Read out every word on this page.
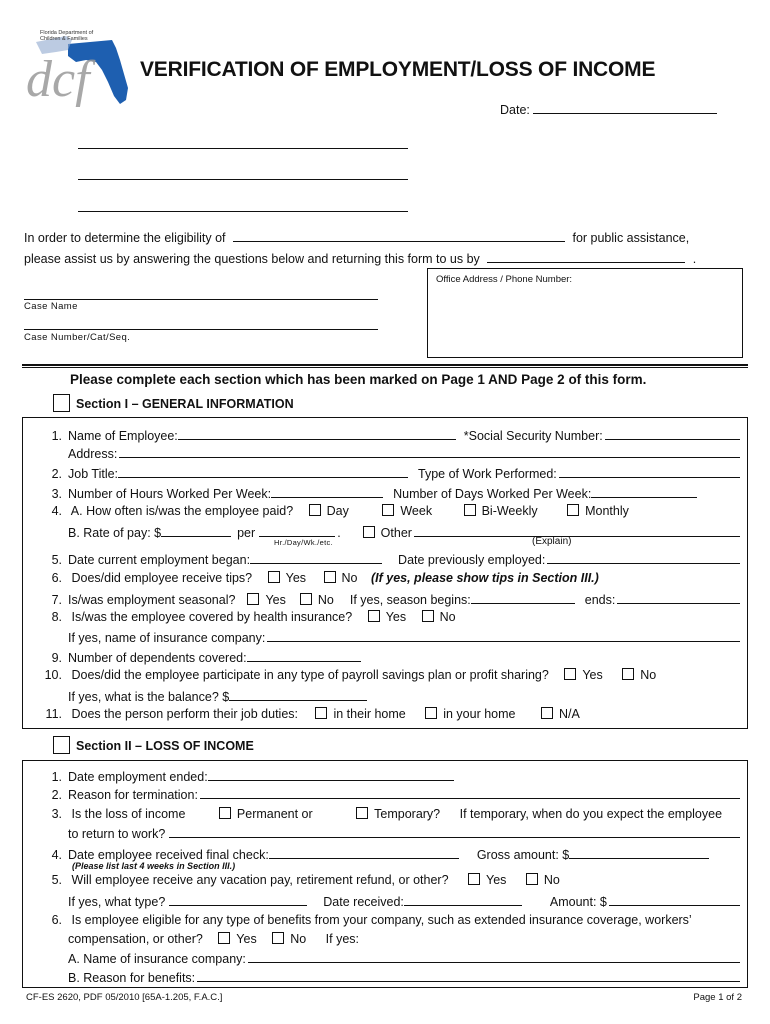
dcf
Florida Department of
Children & Families
VERIFICATION OF EMPLOYMENT/LOSS OF INCOME
Date:
In order to determine the eligibility of	for public assistance,
please assist us by answering the questions below and returning this form to us by	.
Office Address / Phone Number:
Case Name
Case Number/Cat/Seq.
Please complete each section which has been marked on Page 1 AND Page 2 of this form.
Section I – GENERAL INFORMATION
1. Name of Employee:	*Social Security Number:
Address:
2. Job Title:	Type of Work Performed:
3. Number of Hours Worked Per Week:	Number of Days Worked Per Week:
4. A. How often is/was the employee paid?	Day	Week	Bi-Weekly	Monthly
B. Rate of pay: $	per	.	Other
Hr./Day/Wk./etc.	(Explain)
5. Date current employment began:	Date previously employed:
6. Does/did employee receive tips?	Yes	No (If yes, please show tips in Section III.)
7. Is/was employment seasonal?	Yes	No If yes, season begins:	ends:
8. Is/was the employee covered by health insurance?	Yes	No
If yes, name of insurance company:
9. Number of dependents covered:
10. Does/did the employee participate in any type of payroll savings plan or profit sharing?	Yes	No
If yes, what is the balance? $
11. Does the person perform their job duties:	in their home	in your home	N/A
Section II – LOSS OF INCOME
1. Date employment ended:
2. Reason for termination:
3. Is the loss of income	Permanent or	Temporary? If temporary, when do you expect the employee
to return to work?
4. Date employee received final check:	Gross amount: $
(Please list last 4 weeks in Section III.)
5. Will employee receive any vacation pay, retirement refund, or other?	Yes	No
If yes, what type?	Date received:	Amount: $
6. Is employee eligible for any type of benefits from your company, such as extended insurance coverage, workers’
compensation, or other?	Yes	No If yes:
A. Name of insurance company:
B. Reason for benefits:
CF-ES 2620, PDF 05/2010 [65A-1.205, F.A.C.]	Page 1 of 2
